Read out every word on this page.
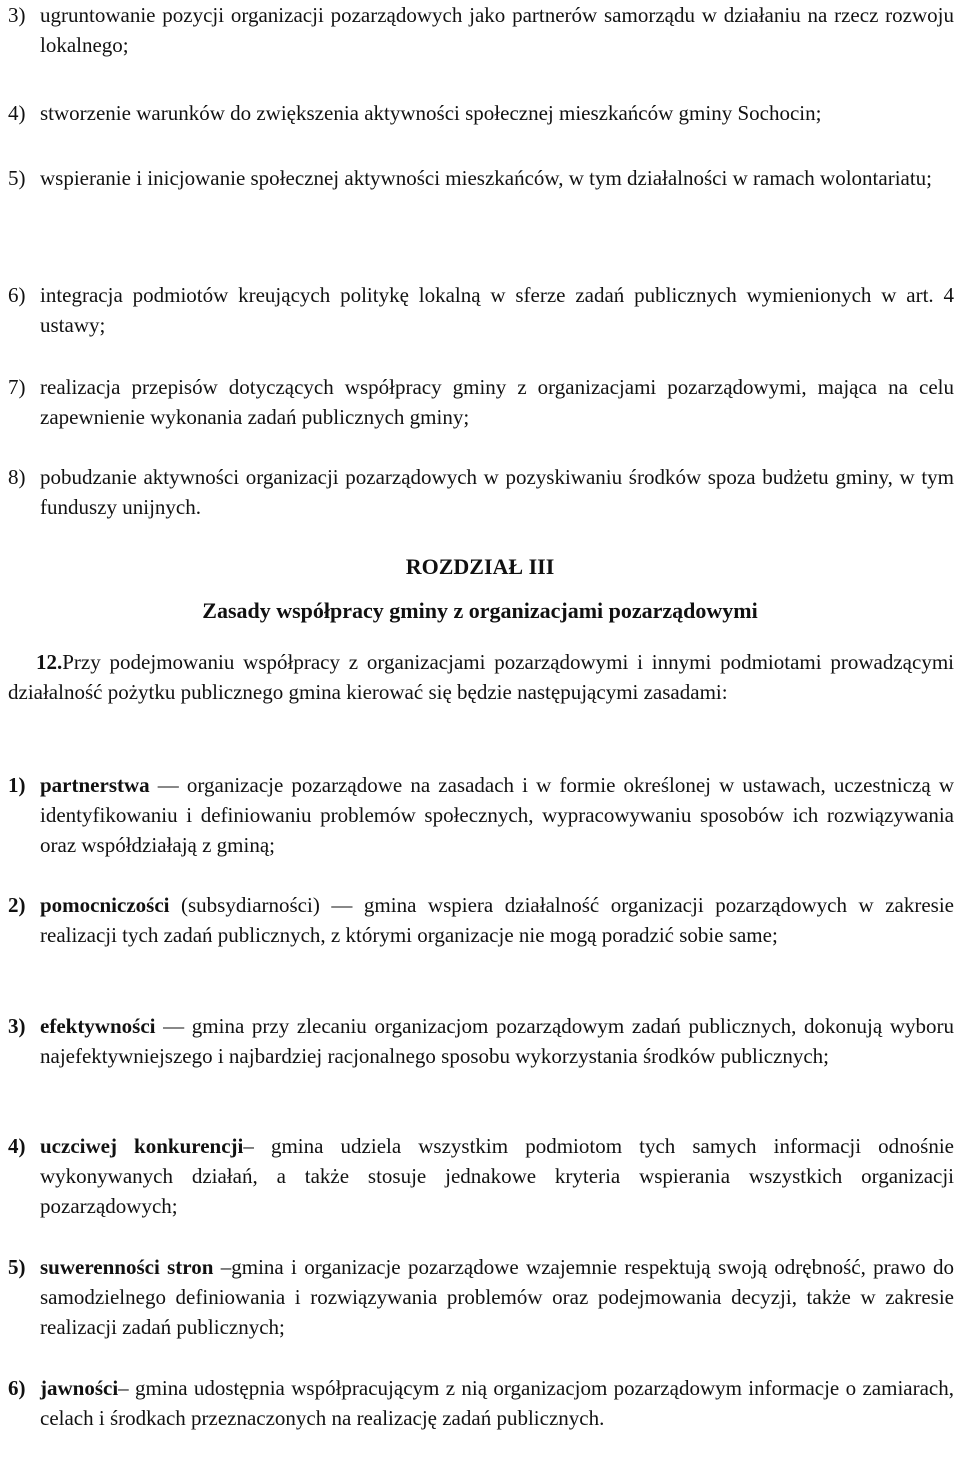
3) ugruntowanie pozycji organizacji pozarządowych jako partnerów samorządu w działaniu na rzecz rozwoju lokalnego;
4) stworzenie warunków do zwiększenia aktywności społecznej mieszkańców gminy Sochocin;
5) wspieranie i inicjowanie społecznej aktywności mieszkańców, w tym działalności w ramach wolontariatu;
6) integracja podmiotów kreujących politykę lokalną w sferze zadań publicznych wymienionych w art. 4 ustawy;
7) realizacja przepisów dotyczących współpracy gminy z organizacjami pozarządowymi, mająca na celu zapewnienie wykonania zadań publicznych gminy;
8) pobudzanie aktywności organizacji pozarządowych w pozyskiwaniu środków spoza budżetu gminy, w tym funduszy unijnych.
ROZDZIAŁ III
Zasady współpracy gminy z organizacjami pozarządowymi
12.Przy podejmowaniu współpracy z organizacjami pozarządowymi i innymi podmiotami prowadzącymi działalność pożytku publicznego gmina kierować się będzie następującymi zasadami:
1) partnerstwa — organizacje pozarządowe na zasadach i w formie określonej w ustawach, uczestniczą w identyfikowaniu i definiowaniu problemów społecznych, wypracowywaniu sposobów ich rozwiązywania oraz współdziałają z gminą;
2) pomocniczości (subsydiarności) — gmina wspiera działalność organizacji pozarządowych w zakresie realizacji tych zadań publicznych, z którymi organizacje nie mogą poradzić sobie same;
3) efektywności — gmina przy zlecaniu organizacjom pozarządowym zadań publicznych, dokonują wyboru najefektywniejszego i najbardziej racjonalnego sposobu wykorzystania środków publicznych;
4) uczciwej konkurencji– gmina udziela wszystkim podmiotom tych samych informacji odnośnie wykonywanych działań, a także stosuje jednakowe kryteria wspierania wszystkich organizacji pozarządowych;
5) suwerenności stron –gmina i organizacje pozarządowe wzajemnie respektują swoją odrębność, prawo do samodzielnego definiowania i rozwiązywania problemów oraz podejmowania decyzji, także w zakresie realizacji zadań publicznych;
6) jawności– gmina udostępnia współpracującym z nią organizacjom pozarządowym informacje o zamiarach, celach i środkach przeznaczonych na realizację zadań publicznych.
